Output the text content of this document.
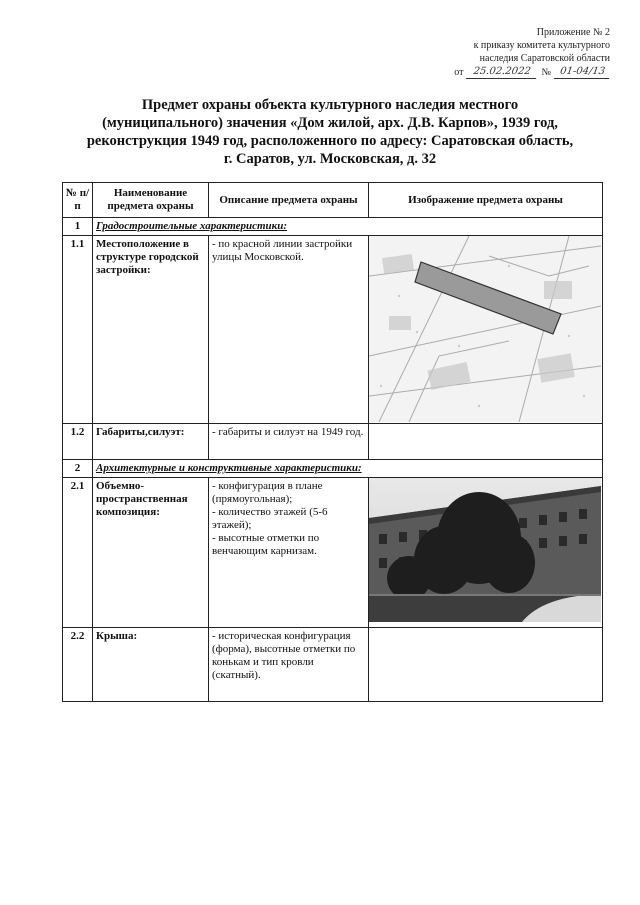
Приложение № 2
к приказу комитета культурного
наследия Саратовской области
от 25.02.2022 № 01-04/13
Предмет охраны объекта культурного наследия местного
(муниципального) значения «Дом жилой, арх. Д.В. Карпов», 1939 год,
реконструкция 1949 год, расположенного по адресу: Саратовская область,
г. Саратов, ул. Московская, д. 32
№ п/п	Наименование предмета охраны	Описание предмета охраны	Изображение предмета охраны
1	Градостроительные характеристики:		
1.1	Местоположение в структуре городской застройки:	- по красной линии застройки улицы Московской.	

1.2	Габариты,силуэт:	- габариты и силуэт на 1949 год.	
2	Архитектурные и конструктивные характеристики:		
2.1	Объемно-пространственная композиция:	- конфигурация в плане (прямоугольная);
- количество этажей (5-6 этажей);
- высотные отметки по венчающим карнизам.

2.2	Крыша:	- историческая конфигурация (форма), высотные отметки по конькам и тип кровли (скатный).	
